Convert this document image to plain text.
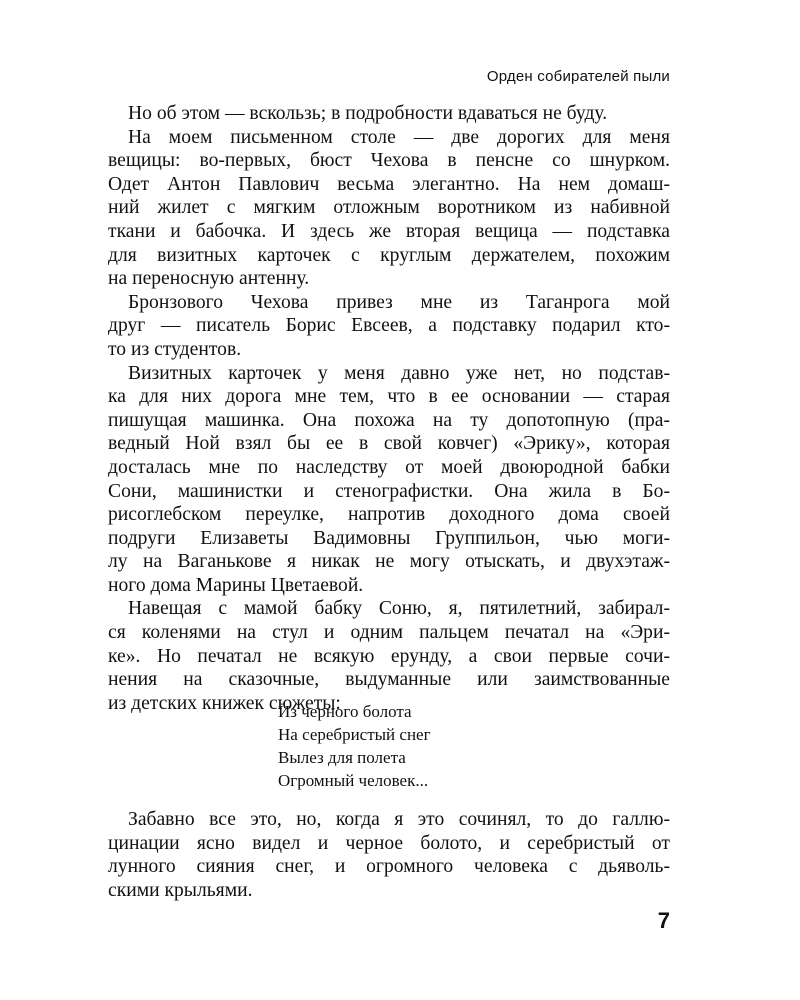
Орден собирателей пыли
Но об этом — вскользь; в подробности вдаваться не буду.
На моем письменном столе — две дорогих для меня
вещицы: во-первых, бюст Чехова в пенсне со шнурком.
Одет Антон Павлович весьма элегантно. На нем домаш-
ний жилет с мягким отложным воротником из набивной
ткани и бабочка. И здесь же вторая вещица — подставка
для визитных карточек с круглым держателем, похожим
на переносную антенну.
Бронзового Чехова привез мне из Таганрога мой
друг — писатель Борис Евсеев, а подставку подарил кто-
то из студентов.
Визитных карточек у меня давно уже нет, но подстав-
ка для них дорога мне тем, что в ее основании — старая
пишущая машинка. Она похожа на ту допотопную (пра-
ведный Ной взял бы ее в свой ковчег) «Эрику», которая
досталась мне по наследству от моей двоюродной бабки
Сони, машинистки и стенографистки. Она жила в Бо-
рисоглебском переулке, напротив доходного дома своей
подруги Елизаветы Вадимовны Группильон, чью моги-
лу на Ваганькове я никак не могу отыскать, и двухэтаж-
ного дома Марины Цветаевой.
Навещая с мамой бабку Соню, я, пятилетний, забирал-
ся коленями на стул и одним пальцем печатал на «Эри-
ке». Но печатал не всякую ерунду, а свои первые сочи-
нения на сказочные, выдуманные или заимствованные
из детских книжек сюжеты:
Из черного болота
На серебристый снег
Вылез для полета
Огромный человек...
Забавно все это, но, когда я это сочинял, то до галлю-
цинации ясно видел и черное болото, и серебристый от
лунного сияния снег, и огромного человека с дьяволь-
скими крыльями.
7
